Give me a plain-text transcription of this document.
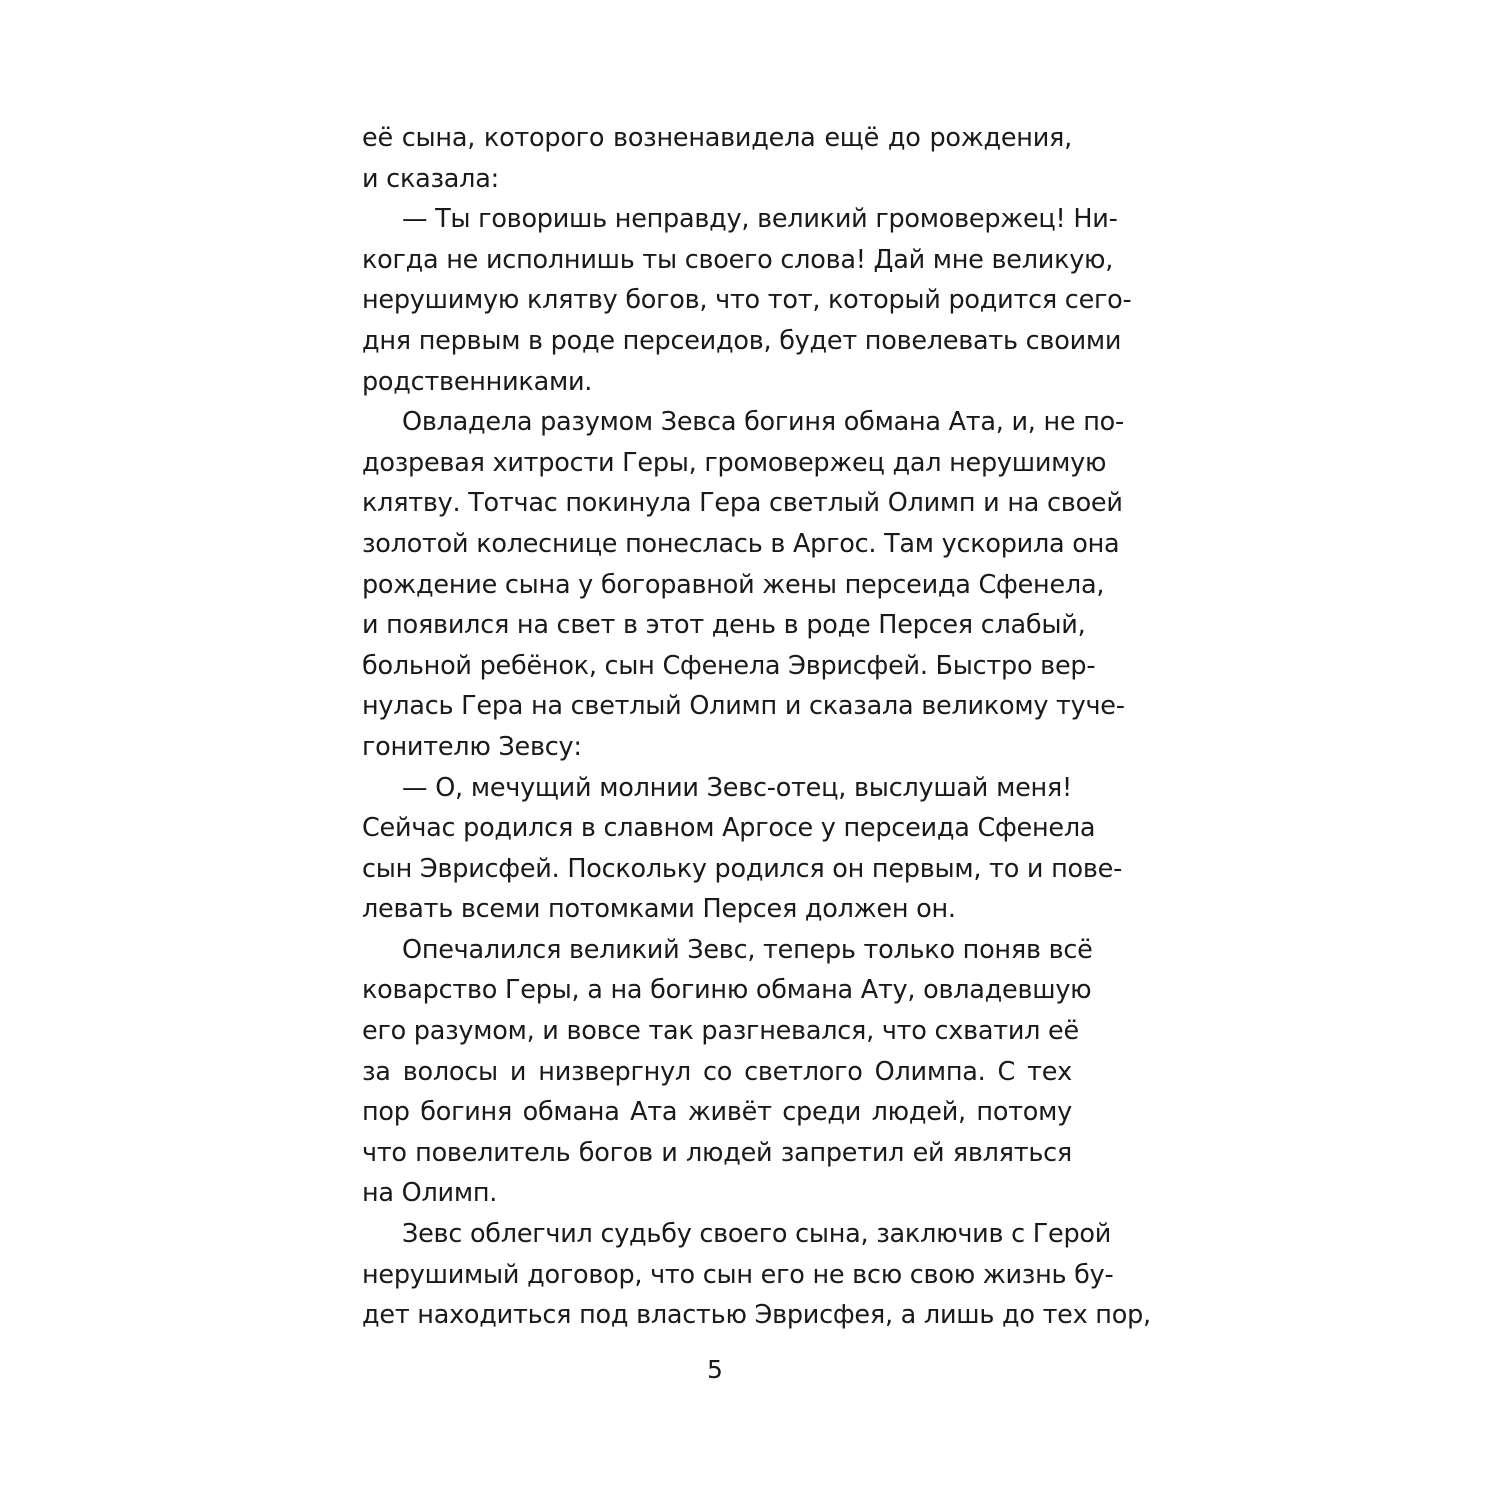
её сына, которого возненавидела ещё до рождения,
и сказала:
— Ты говоришь неправду, великий громовержец! Ни-
когда не исполнишь ты своего слова! Дай мне великую,
нерушимую клятву богов, что тот, который родится сего-
дня первым в роде персеидов, будет повелевать своими
родственниками.
Овладела разумом Зевса богиня обмана Ата, и, не по-
дозревая хитрости Геры, громовержец дал нерушимую
клятву. Тотчас покинула Гера светлый Олимп и на своей
золотой колеснице понеслась в Аргос. Там ускорила она
рождение сына у богоравной жены персеида Сфенела,
и появился на свет в этот день в роде Персея слабый,
больной ребёнок, сын Сфенела Эврисфей. Быстро вер-
нулась Гера на светлый Олимп и сказала великому туче-
гонителю Зевсу:
— О, мечущий молнии Зевс-отец, выслушай меня!
Сейчас родился в славном Аргосе у персеида Сфенела
сын Эврисфей. Поскольку родился он первым, то и пове-
левать всеми потомками Персея должен он.
Опечалился великий Зевс, теперь только поняв всё
коварство Геры, а на богиню обмана Ату, овладевшую
его разумом, и вовсе так разгневался, что схватил её
за волосы и низвергнул со светлого Олимпа. С тех
пор богиня обмана Ата живёт среди людей, потому
что повелитель богов и людей запретил ей являться
на Олимп.
Зевс облегчил судьбу своего сына, заключив с Герой
нерушимый договор, что сын его не всю свою жизнь бу-
дет находиться под властью Эврисфея, а лишь до тех пор,
5
